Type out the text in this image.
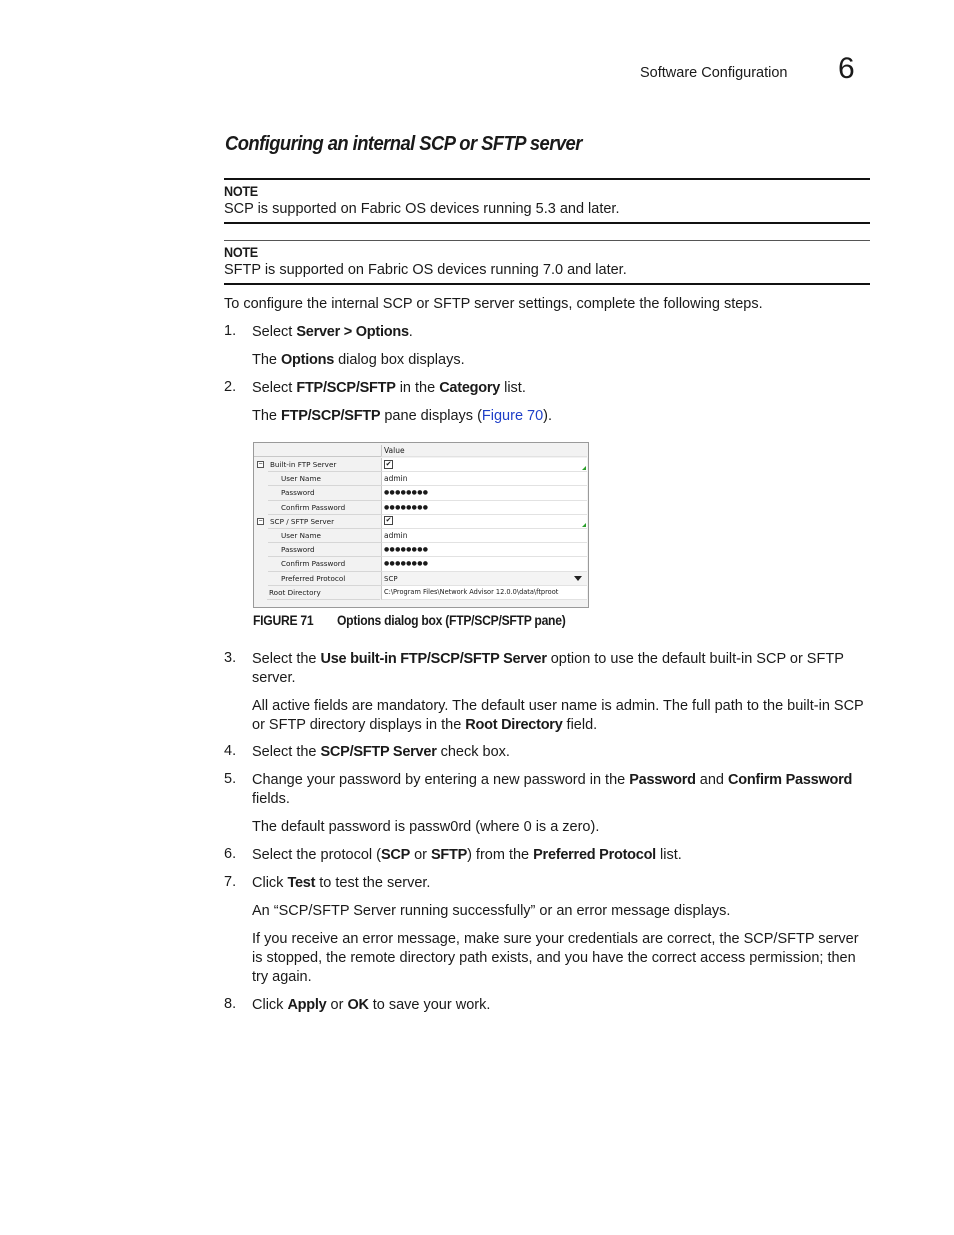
Software Configuration 6
Configuring an internal SCP or SFTP server
NOTE
SCP is supported on Fabric OS devices running 5.3 and later.
NOTE
SFTP is supported on Fabric OS devices running 7.0 and later.
To configure the internal SCP or SFTP server settings, complete the following steps.
1. Select Server > Options.
The Options dialog box displays.
2. Select FTP/SCP/SFTP in the Category list.
The FTP/SCP/SFTP pane displays (Figure 70).
Value
− Built-in FTP Server	✔
User Name	admin
Password	●●●●●●●●
Confirm Password	●●●●●●●●
− SCP / SFTP Server	✔
User Name	admin
Password	●●●●●●●●
Confirm Password	●●●●●●●●
Preferred Protocol	SCP
Root Directory	C:\Program Files\Network Advisor 12.0.0\data\ftproot
FIGURE 71 Options dialog box (FTP/SCP/SFTP pane)
3. Select the Use built-in FTP/SCP/SFTP Server option to use the default built-in SCP or SFTP server.
All active fields are mandatory. The default user name is admin. The full path to the built-in SCP or SFTP directory displays in the Root Directory field.
4. Select the SCP/SFTP Server check box.
5. Change your password by entering a new password in the Password and Confirm Password fields.
The default password is passw0rd (where 0 is a zero).
6. Select the protocol (SCP or SFTP) from the Preferred Protocol list.
7. Click Test to test the server.
An “SCP/SFTP Server running successfully” or an error message displays.
If you receive an error message, make sure your credentials are correct, the SCP/SFTP server is stopped, the remote directory path exists, and you have the correct access permission; then try again.
8. Click Apply or OK to save your work.
